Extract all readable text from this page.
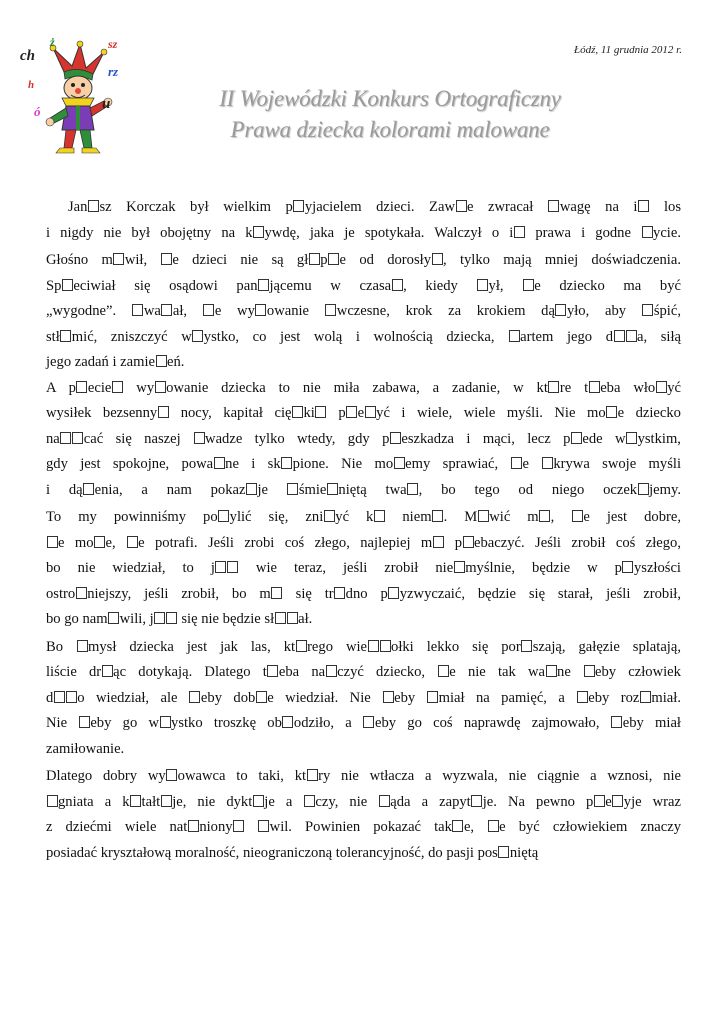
ch
ż	sz
h
rz
ó	u
Łódź, 11 grudnia 2012 r.
II Wojewódzki Konkurs Ortograficzny
Prawa dziecka kolorami malowane
Jan sz Korczak był wielkim p yjacielem dzieci. Zaw e zwracał wagę na i los
i nigdy nie był obojętny na k ywdę, jaka je spotykała. Walczył o i prawa i godne ycie.
Głośno m wił, e dzieci nie są gł p e od dorosły , tylko mają mniej doświadczenia.
Sp eciwiał się osądowi pan jącemu w czasa , kiedy ył, e dziecko ma być
„wygodne”. wa ał, e wy owanie wczesne, krok za krokiem dą yło, aby śpić,
stł mić, zniszczyć w ystko, co jest wolą i wolnością dziecka, artem jego d a, siłą
jego zadań i zamie eń.
A p ecie wy owanie dziecka to nie miła zabawa, a zadanie, w kt re t eba wło yć
wysiłek bezsenny nocy, kapitał cię ki p e yć i wiele, wiele myśli. Nie mo e dziecko
na cać się naszej wadze tylko wtedy, gdy p eszkadza i mąci, lecz p ede w ystkim,
gdy jest spokojne, powa ne i sk pione. Nie mo emy sprawiać, e krywa swoje myśli
i dą enia, a nam pokaz je śmie niętą twa , bo tego od niego oczek jemy.
To my powinniśmy po ylić się, zni yć k niem . M wić m , e jest dobre,
e mo e, e potrafi. Jeśli zrobi coś złego, najlepiej m p ebaczyć. Jeśli zrobił coś złego,
bo nie wiedział, to j wie teraz, jeśli zrobił nie myślnie, będzie w p yszłości
ostro niejszy, jeśli zrobił, bo m się tr dno p yzwyczaić, będzie się starał, jeśli zrobił,
bo go nam wili, j się nie będzie sł ał.
Bo mysł dziecka jest jak las, kt rego wie ołki lekko się por szają, gałęzie splatają,
liście dr ąc dotykają. Dlatego t eba na czyć dziecko, e nie tak wa ne eby człowiek
d o wiedział, ale eby dob e wiedział. Nie eby miał na pamięć, a eby roz miał.
Nie eby go w ystko troszkę ob odziło, a eby go coś naprawdę zajmowało, eby miał
zamiłowanie.
Dlatego dobry wy owawca to taki, kt ry nie wtłacza a wyzwala, nie ciągnie a wznosi, nie
gniata a k tałt je, nie dykt je a czy, nie ąda a zapyt je. Na pewno p e yje wraz
z dziećmi wiele nat niony	wil. Powinien pokazać tak e, e być człowiekiem znaczy
posiadać kryształową moralność, nieograniczoną tolerancyjność, do pasji pos niętą
